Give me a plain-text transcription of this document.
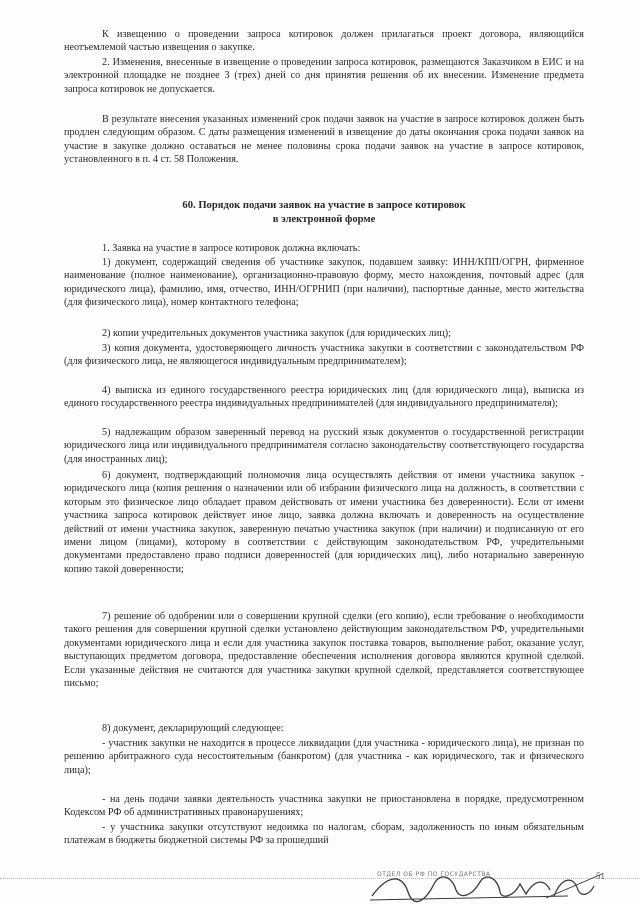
К извещению о проведении запроса котировок должен прилагаться проект договора, являющийся неотъемлемой частью извещения о закупке.

2. Изменения, внесенные в извещение о проведении запроса котировок, размещаются Заказчиком в ЕИС и на электронной площадке не позднее 3 (трех) дней со дня принятия решения об их внесении. Изменение предмета запроса котировок не допускается.

В результате внесения указанных изменений срок подачи заявок на участие в запросе котировок должен быть продлен следующим образом. С даты размещения изменений в извещение до даты окончания срока подачи заявок на участие в закупке должно оставаться не менее половины срока подачи заявок на участие в запросе котировок, установленного в п. 4 ст. 58 Положения.

60. Порядок подачи заявок на участие в запросе котировок

в электронной форме

1. Заявка на участие в запросе котировок должна включать:

1) документ, содержащий сведения об участнике закупок, подавшем заявку: ИНН/КПП/ОГРН, фирменное наименование (полное наименование), организационно-правовую форму, место нахождения, почтовый адрес (для юридического лица), фамилию, имя, отчество, ИНН/ОГРНИП (при наличии), паспортные данные, место жительства (для физического лица), номер контактного телефона;

2) копии учредительных документов участника закупок (для юридических лиц);

3) копия документа, удостоверяющего личность участника закупки в соответствии с законодательством РФ (для физического лица, не являющегося индивидуальным предпринимателем);

4) выписка из единого государственного реестра юридических лиц (для юридического лица), выписка из единого государственного реестра индивидуальных предпринимателей (для индивидуального предпринимателя);

5) надлежащим образом заверенный перевод на русский язык документов о государственной регистрации юридического лица или индивидуального предпринимателя согласно законодательству соответствующего государства (для иностранных лиц);

6) документ, подтверждающий полномочия лица осуществлять действия от имени участника закупок - юридического лица (копия решения о назначении или об избрании физического лица на должность, в соответствии с которым это физическое лицо обладает правом действовать от имени участника без доверенности). Если от имени участника запроса котировок действует иное лицо, заявка должна включать и доверенность на осуществление действий от имени участника закупок, заверенную печатью участника закупок (при наличии) и подписанную от его имени лицом (лицами), которому в соответствии с действующим законодательством РФ, учредительными документами предоставлено право подписи доверенностей (для юридических лиц), либо нотариально заверенную копию такой доверенности;

7) решение об одобрении или о совершении крупной сделки (его копию), если требование о необходимости такого решения для совершения крупной сделки установлено действующим законодательством РФ, учредительными документами юридического лица и если для участника закупок поставка товаров, выполнение работ, оказание услуг, выступающих предметом договора, предоставление обеспечения исполнения договора являются крупной сделкой. Если указанные действия не считаются для участника закупки крупной сделкой, представляется соответствующее письмо;

8) документ, декларирующий следующее:

- участник закупки не находится в процессе ликвидации (для участника - юридического лица), не признан по решению арбитражного суда несостоятельным (банкротом) (для участника - как юридического, так и физического лица);

- на день подачи заявки деятельность участника закупки не приостановлена в порядке, предусмотренном Кодексом РФ об административных правонарушениях;

- у участника закупки отсутствуют недоимка по налогам, сборам, задолженность по иным обязательным платежам в бюджеты бюджетной системы РФ за прошедший

ОТДЕЛ ОБ РФ ПО ГОСУДАРСТВА	51
